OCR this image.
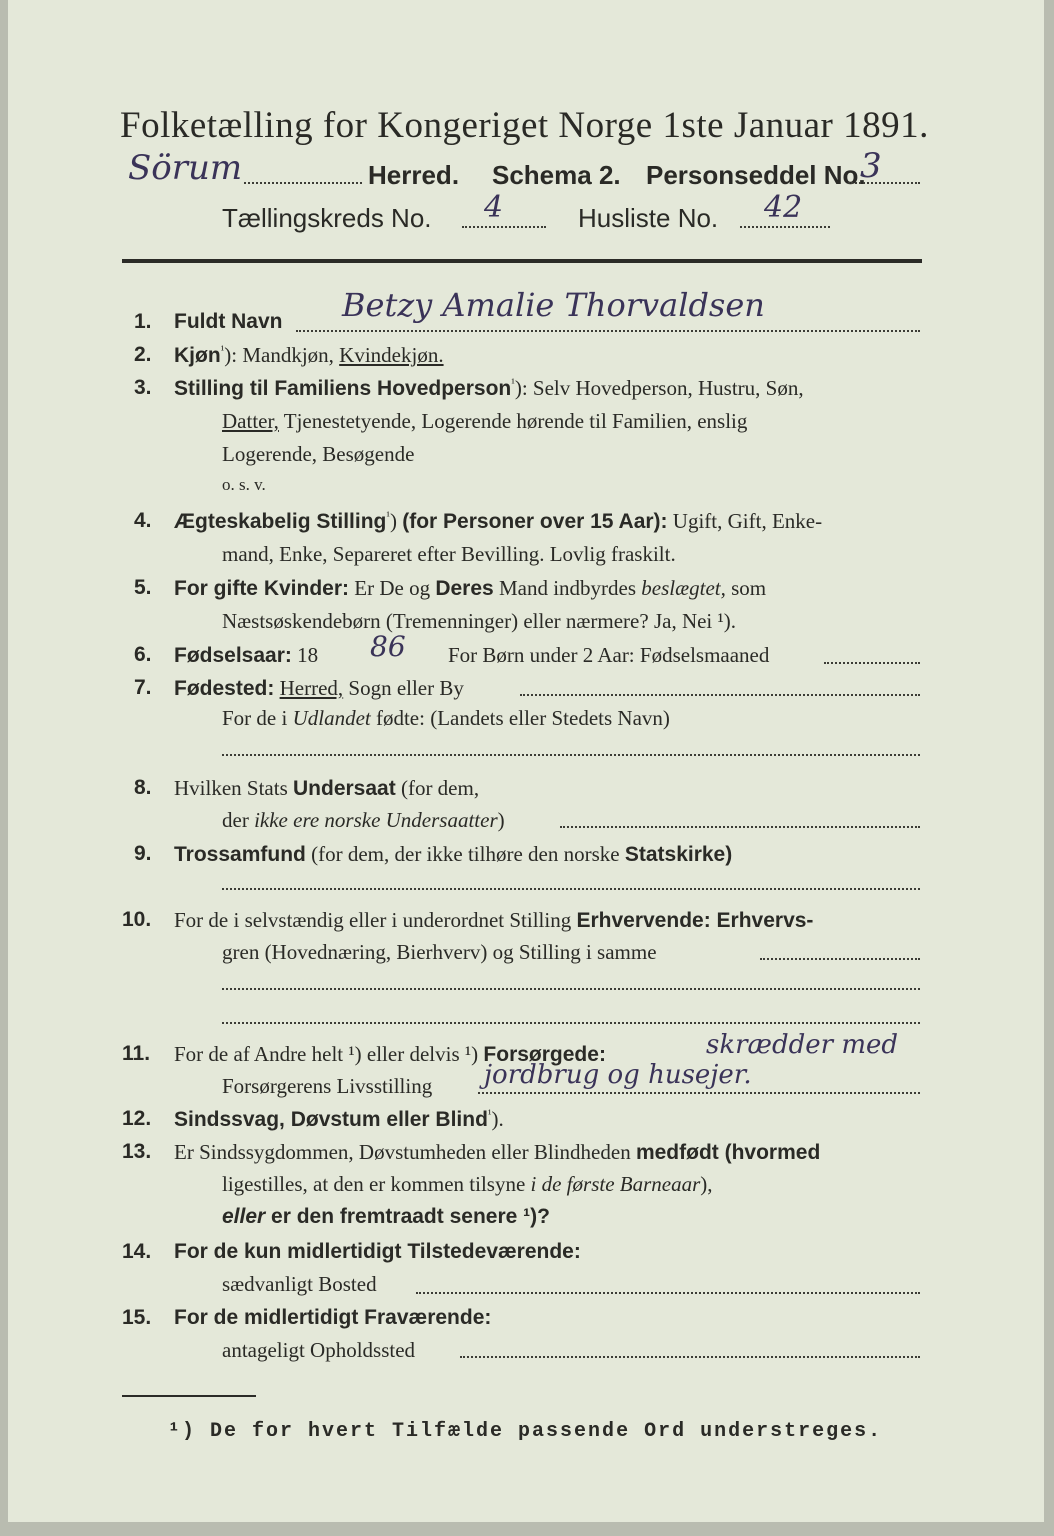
Folketælling for Kongeriget Norge 1ste Januar 1891.
Sörum	Herred. Schema 2. Personseddel No.
3
Tællingskreds No. 4	Husliste No. 42
1. Fuldt Navn Betzy Amalie Thorvaldsen
2. Kjøn$^{^1}$): Mandkjøn, Kvindekjøn.
3. Stilling til Familiens Hovedperson$^{^1}$): Selv Hovedperson, Hustru, Søn,
Datter, Tjenestetyende, Logerende hørende til Familien, enslig
Logerende, Besøgende
o. s. v.
4. Ægteskabelig Stilling$^{^1}$) (for Personer over 15 Aar): Ugift, Gift, Enke-
mand, Enke, Separeret efter Bevilling. Lovlig fraskilt.
5. For gifte Kvinder: Er De og Deres Mand indbyrdes beslægtet, som
Næstsøskendebørn (Tremenninger) eller nærmere? Ja, Nei ¹).
6. Fødselsaar: 18 86 For Børn under 2 Aar: Fødselsmaaned
7. Fødested: Herred, Sogn eller By
For de i Udlandet fødte: (Landets eller Stedets Navn)
8. Hvilken Stats Undersaat (for dem,
der ikke ere norske Undersaatter)
9. Trossamfund (for dem, der ikke tilhøre den norske Statskirke)
10. For de i selvstændig eller i underordnet Stilling Erhvervende: Erhvervs-
gren (Hovednæring, Bierhverv) og Stilling i samme
11. For de af Andre helt ¹) eller delvis ¹) Forsørgede:	skrædder med
Forsørgerens Livsstilling jordbrug og husejer.
12. Sindssvag, Døvstum eller Blind$^{^1}$).
13. Er Sindssygdommen, Døvstumheden eller Blindheden medfødt (hvormed
ligestilles, at den er kommen tilsyne i de første Barneaar),
eller er den fremtraadt senere ¹)?
14. For de kun midlertidigt Tilstedeværende:
sædvanligt Bosted
15. For de midlertidigt Fraværende:
antageligt Opholdssted
¹) De for hvert Tilfælde passende Ord understreges.
